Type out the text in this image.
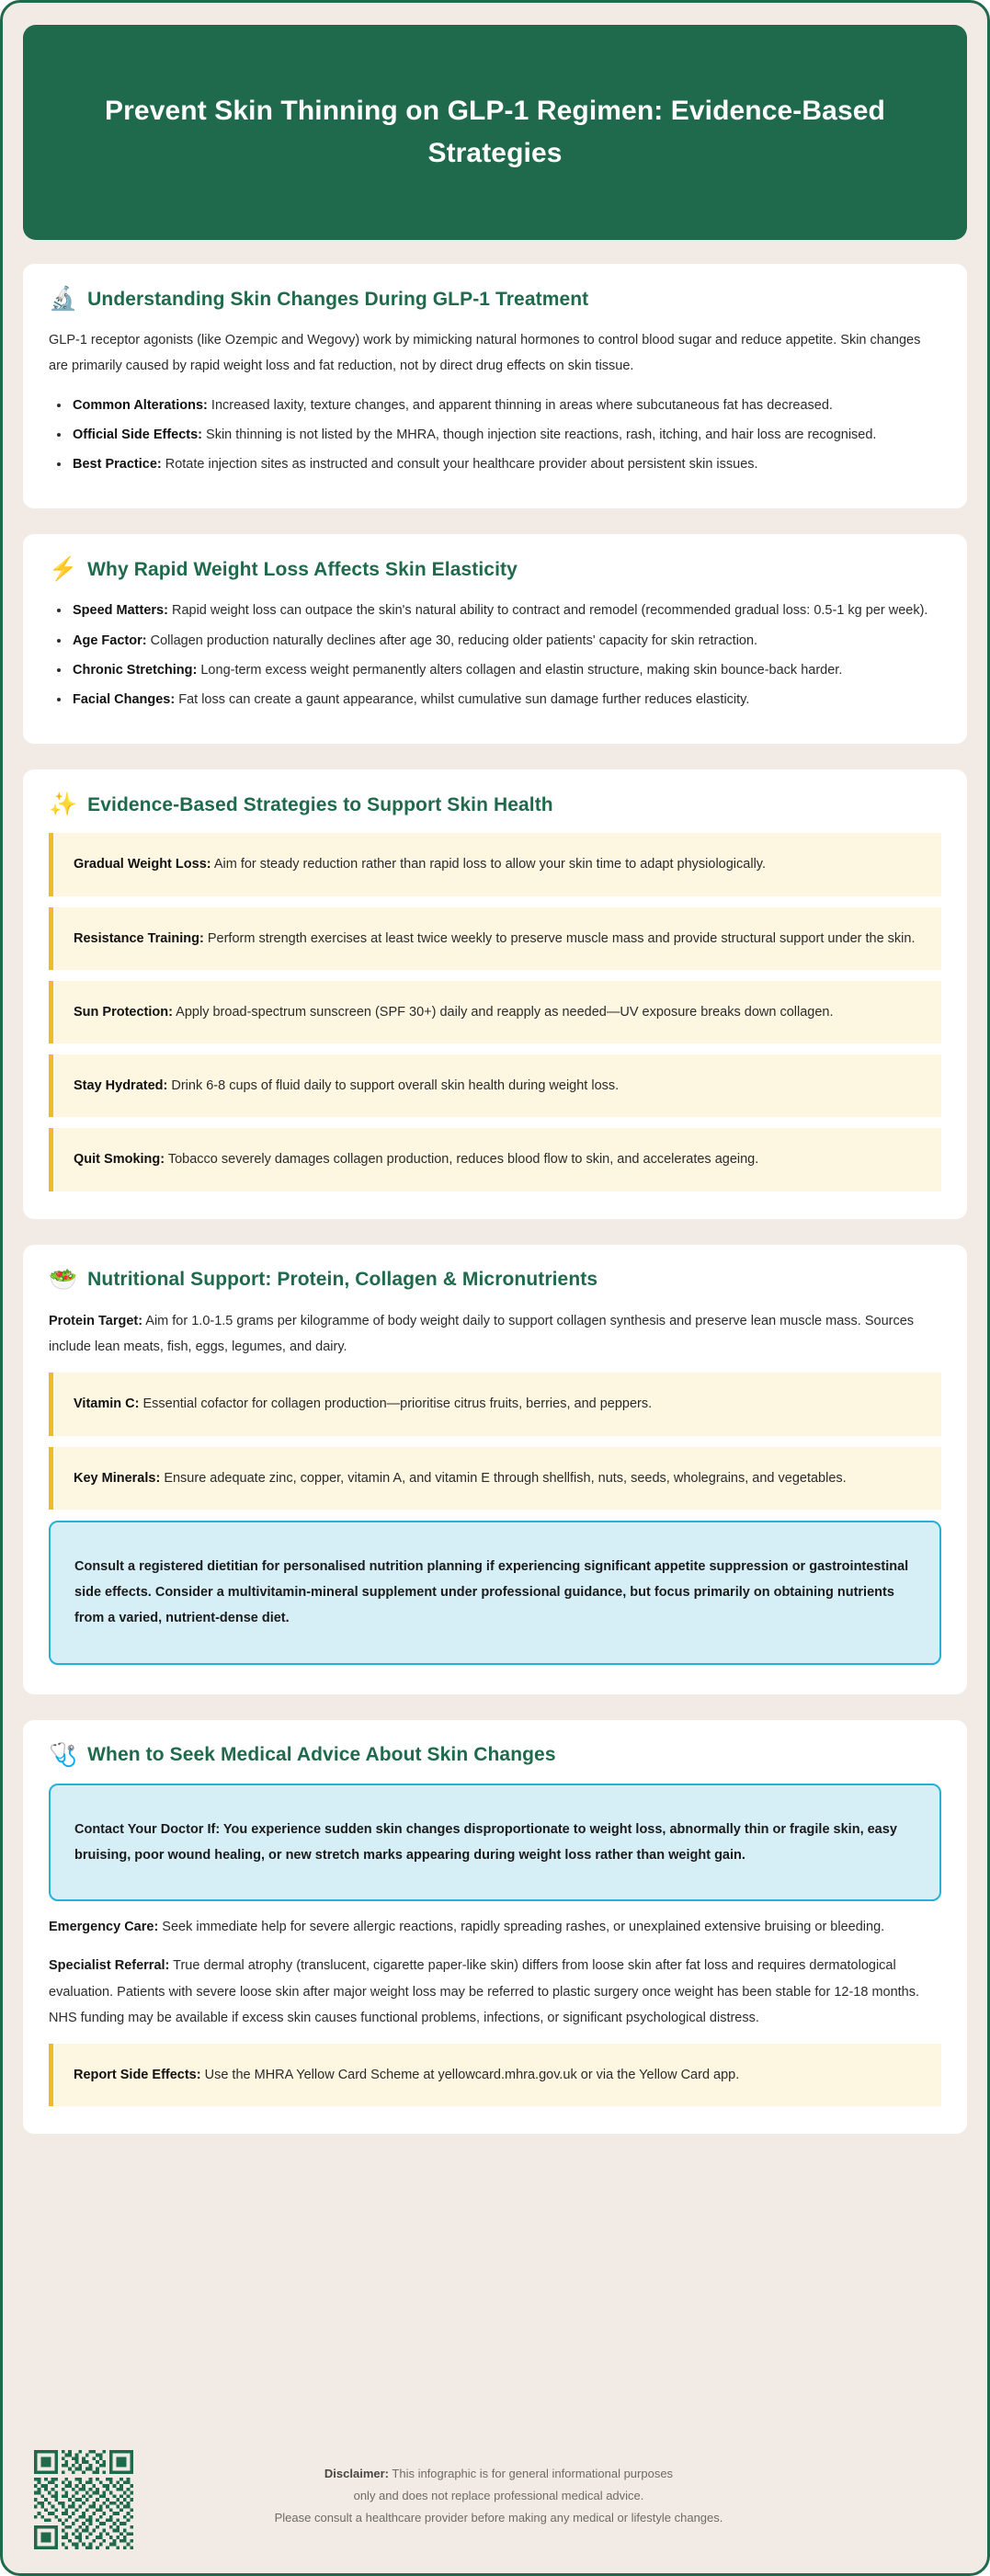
Prevent Skin Thinning on GLP-1 Regimen: Evidence-Based Strategies
🔬 Understanding Skin Changes During GLP-1 Treatment

GLP-1 receptor agonists (like Ozempic and Wegovy) work by mimicking natural hormones to control blood sugar and reduce appetite. Skin changes are primarily caused by rapid weight loss and fat reduction, not by direct drug effects on skin tissue.

Common Alterations: Increased laxity, texture changes, and apparent thinning in areas where subcutaneous fat has decreased.
Official Side Effects: Skin thinning is not listed by the MHRA, though injection site reactions, rash, itching, and hair loss are recognised.
Best Practice: Rotate injection sites as instructed and consult your healthcare provider about persistent skin issues.
⚡ Why Rapid Weight Loss Affects Skin Elasticity
Speed Matters: Rapid weight loss can outpace the skin's natural ability to contract and remodel (recommended gradual loss: 0.5-1 kg per week).
Age Factor: Collagen production naturally declines after age 30, reducing older patients' capacity for skin retraction.
Chronic Stretching: Long-term excess weight permanently alters collagen and elastin structure, making skin bounce-back harder.
Facial Changes: Fat loss can create a gaunt appearance, whilst cumulative sun damage further reduces elasticity.
✨ Evidence-Based Strategies to Support Skin Health
Gradual Weight Loss: Aim for steady reduction rather than rapid loss to allow your skin time to adapt physiologically.
Resistance Training: Perform strength exercises at least twice weekly to preserve muscle mass and provide structural support under the skin.
Sun Protection: Apply broad-spectrum sunscreen (SPF 30+) daily and reapply as needed—UV exposure breaks down collagen.
Stay Hydrated: Drink 6-8 cups of fluid daily to support overall skin health during weight loss.
Quit Smoking: Tobacco severely damages collagen production, reduces blood flow to skin, and accelerates ageing.
🥗 Nutritional Support: Protein, Collagen & Micronutrients

Protein Target: Aim for 1.0-1.5 grams per kilogramme of body weight daily to support collagen synthesis and preserve lean muscle mass. Sources include lean meats, fish, eggs, legumes, and dairy.

Vitamin C: Essential cofactor for collagen production—prioritise citrus fruits, berries, and peppers.
Key Minerals: Ensure adequate zinc, copper, vitamin A, and vitamin E through shellfish, nuts, seeds, wholegrains, and vegetables.
Consult a registered dietitian for personalised nutrition planning if experiencing significant appetite suppression or gastrointestinal side effects. Consider a multivitamin-mineral supplement under professional guidance, but focus primarily on obtaining nutrients from a varied, nutrient-dense diet.
🩺 When to Seek Medical Advice About Skin Changes
Contact Your Doctor If: You experience sudden skin changes disproportionate to weight loss, abnormally thin or fragile skin, easy bruising, poor wound healing, or new stretch marks appearing during weight loss rather than weight gain.

Emergency Care: Seek immediate help for severe allergic reactions, rapidly spreading rashes, or unexplained extensive bruising or bleeding.

Specialist Referral: True dermal atrophy (translucent, cigarette paper-like skin) differs from loose skin after fat loss and requires dermatological evaluation. Patients with severe loose skin after major weight loss may be referred to plastic surgery once weight has been stable for 12-18 months. NHS funding may be available if excess skin causes functional problems, infections, or significant psychological distress.

Report Side Effects: Use the MHRA Yellow Card Scheme at yellowcard.mhra.gov.uk or via the Yellow Card app.
Disclaimer: This infographic is for general informational purposes
only and does not replace professional medical advice.
Please consult a healthcare provider before making any medical or lifestyle changes.
